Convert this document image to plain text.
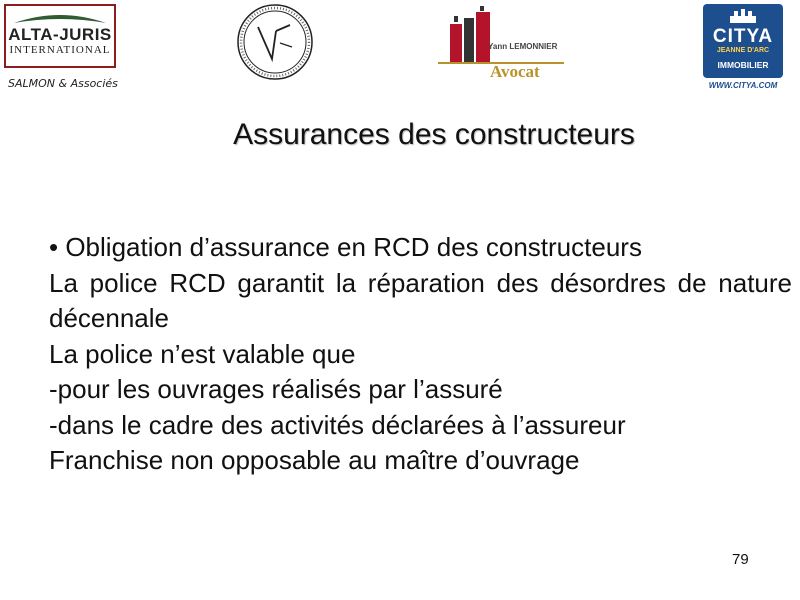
ALTA-JURIS
INTERNATIONAL
SALMON & Associés
Yann LEMONNIER
Avocat
CITYA
JEANNE D'ARC
IMMOBILIER
WWW.CITYA.COM
Assurances des constructeurs
• Obligation d’assurance en RCD des constructeurs
La police RCD garantit la réparation des désordres de nature décennale
La police n’est valable que
-pour les ouvrages réalisés par l’assuré
-dans le cadre des activités déclarées à l’assureur
Franchise non opposable au maître d’ouvrage
79
